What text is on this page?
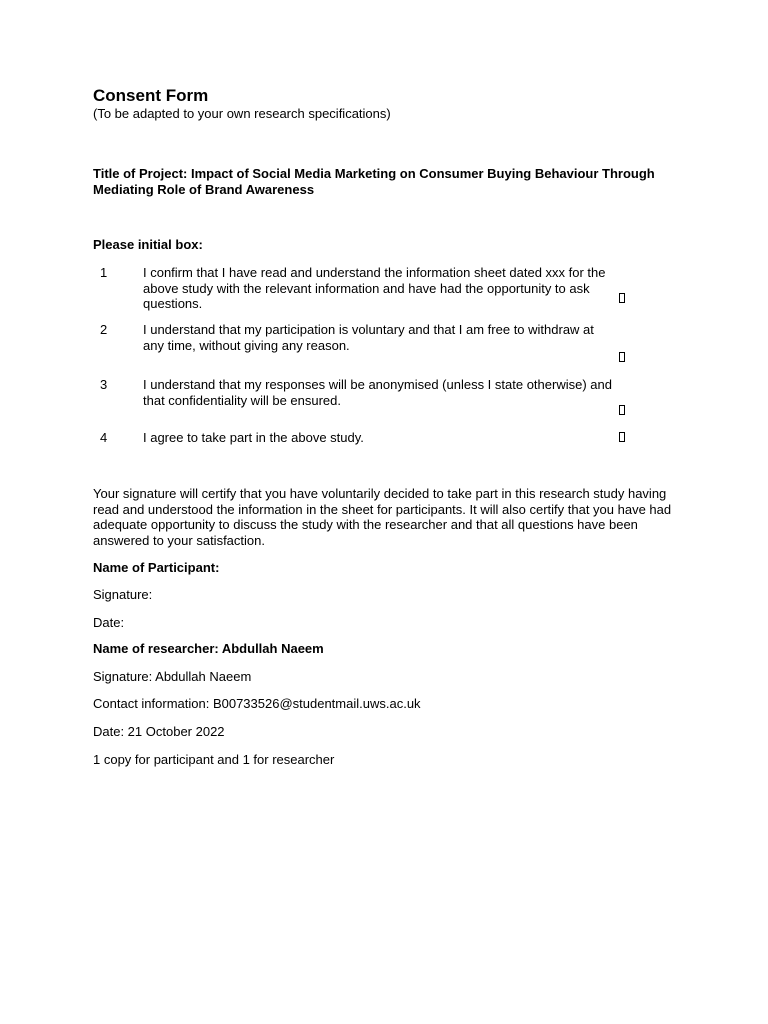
Consent Form

(To be adapted to your own research specifications)

Title of Project: Impact of Social Media Marketing on Consumer Buying Behaviour Through Mediating Role of Brand Awareness
Please initial box:
1	I confirm that I have read and understand the information sheet dated xxx for the above study with the relevant information and have had the opportunity to ask questions.
2	I understand that my participation is voluntary and that I am free to withdraw at any time, without giving any reason.
3	I understand that my responses will be anonymised (unless I state otherwise) and that confidentiality will be ensured.
4	I agree to take part in the above study.
Your signature will certify that you have voluntarily decided to take part in this research study having read and understood the information in the sheet for participants. It will also certify that you have had adequate opportunity to discuss the study with the researcher and that all questions have been answered to your satisfaction.
Name of Participant:
Signature:
Date:
Name of researcher: Abdullah Naeem
Signature: Abdullah Naeem
Contact information: B00733526@studentmail.uws.ac.uk
Date: 21 October 2022
1 copy for participant and 1 for researcher
